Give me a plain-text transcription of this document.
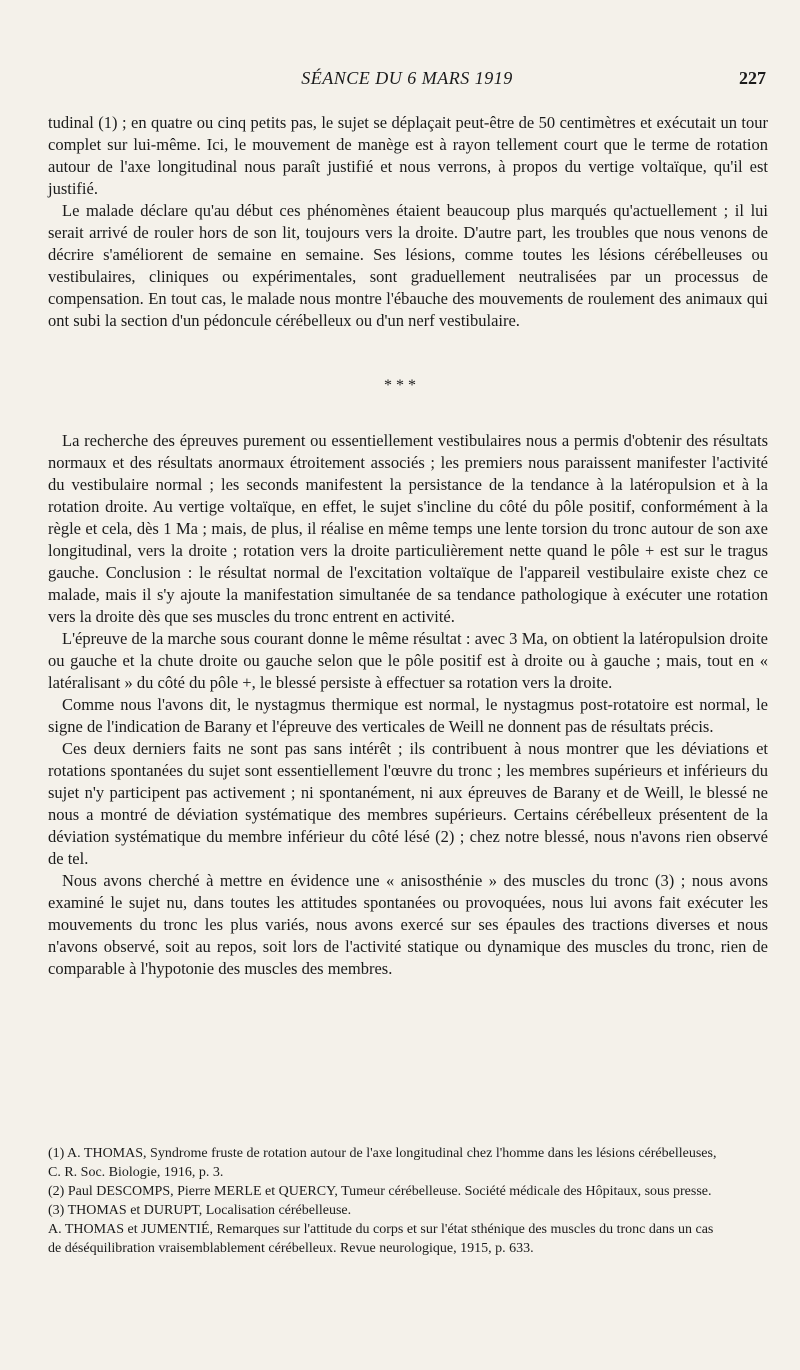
SÉANCE DU 6 MARS 1919	227

tudinal (1) ; en quatre ou cinq petits pas, le sujet se déplaçait peut-être de 50 centimètres et exécutait un tour complet sur lui-même. Ici, le mouvement de manège est à rayon tellement court que le terme de rotation autour de l'axe longitudinal nous paraît justifié et nous verrons, à propos du vertige voltaïque, qu'il est justifié.

Le malade déclare qu'au début ces phénomènes étaient beaucoup plus marqués qu'actuellement ; il lui serait arrivé de rouler hors de son lit, toujours vers la droite. D'autre part, les troubles que nous venons de décrire s'améliorent de semaine en semaine. Ses lésions, comme toutes les lésions cérébelleuses ou vestibulaires, cliniques ou expérimentales, sont graduellement neutralisées par un processus de compensation. En tout cas, le malade nous montre l'ébauche des mouvements de roulement des animaux qui ont subi la section d'un pédoncule cérébelleux ou d'un nerf vestibulaire.

* * *

La recherche des épreuves purement ou essentiellement vestibulaires nous a permis d'obtenir des résultats normaux et des résultats anormaux étroitement associés ; les premiers nous paraissent manifester l'activité du vestibulaire normal ; les seconds manifestent la persistance de la tendance à la latéropulsion et à la rotation droite. Au vertige voltaïque, en effet, le sujet s'incline du côté du pôle positif, conformément à la règle et cela, dès 1 Ma ; mais, de plus, il réalise en même temps une lente torsion du tronc autour de son axe longitudinal, vers la droite ; rotation vers la droite particulièrement nette quand le pôle + est sur le tragus gauche. Conclusion : le résultat normal de l'excitation voltaïque de l'appareil vestibulaire existe chez ce malade, mais il s'y ajoute la manifestation simultanée de sa tendance pathologique à exécuter une rotation vers la droite dès que ses muscles du tronc entrent en activité.

L'épreuve de la marche sous courant donne le même résultat : avec 3 Ma, on obtient la latéropulsion droite ou gauche et la chute droite ou gauche selon que le pôle positif est à droite ou à gauche ; mais, tout en « latéralisant » du côté du pôle +, le blessé persiste à effectuer sa rotation vers la droite.

Comme nous l'avons dit, le nystagmus thermique est normal, le nystagmus post-rotatoire est normal, le signe de l'indication de Barany et l'épreuve des verticales de Weill ne donnent pas de résultats précis.

Ces deux derniers faits ne sont pas sans intérêt ; ils contribuent à nous montrer que les déviations et rotations spontanées du sujet sont essentiellement l'œuvre du tronc ; les membres supérieurs et inférieurs du sujet n'y participent pas activement ; ni spontanément, ni aux épreuves de Barany et de Weill, le blessé ne nous a montré de déviation systématique des membres supérieurs. Certains cérébelleux présentent de la déviation systématique du membre inférieur du côté lésé (2) ; chez notre blessé, nous n'avons rien observé de tel.

Nous avons cherché à mettre en évidence une « anisosthénie » des muscles du tronc (3) ; nous avons examiné le sujet nu, dans toutes les attitudes spontanées ou provoquées, nous lui avons fait exécuter les mouvements du tronc les plus variés, nous avons exercé sur ses épaules des tractions diverses et nous n'avons observé, soit au repos, soit lors de l'activité statique ou dynamique des muscles du tronc, rien de comparable à l'hypotonie des muscles des membres.

(1) A. THOMAS, Syndrome fruste de rotation autour de l'axe longitudinal chez l'homme dans les lésions cérébelleuses, C. R. Soc. Biologie, 1916, p. 3.

(2) Paul DESCOMPS, Pierre MERLE et QUERCY, Tumeur cérébelleuse. Société médicale des Hôpitaux, sous presse.

(3) THOMAS et DURUPT, Localisation cérébelleuse.

A. THOMAS et JUMENTIÉ, Remarques sur l'attitude du corps et sur l'état sthénique des muscles du tronc dans un cas de déséquilibration vraisemblablement cérébelleux. Revue neurologique, 1915, p. 633.
